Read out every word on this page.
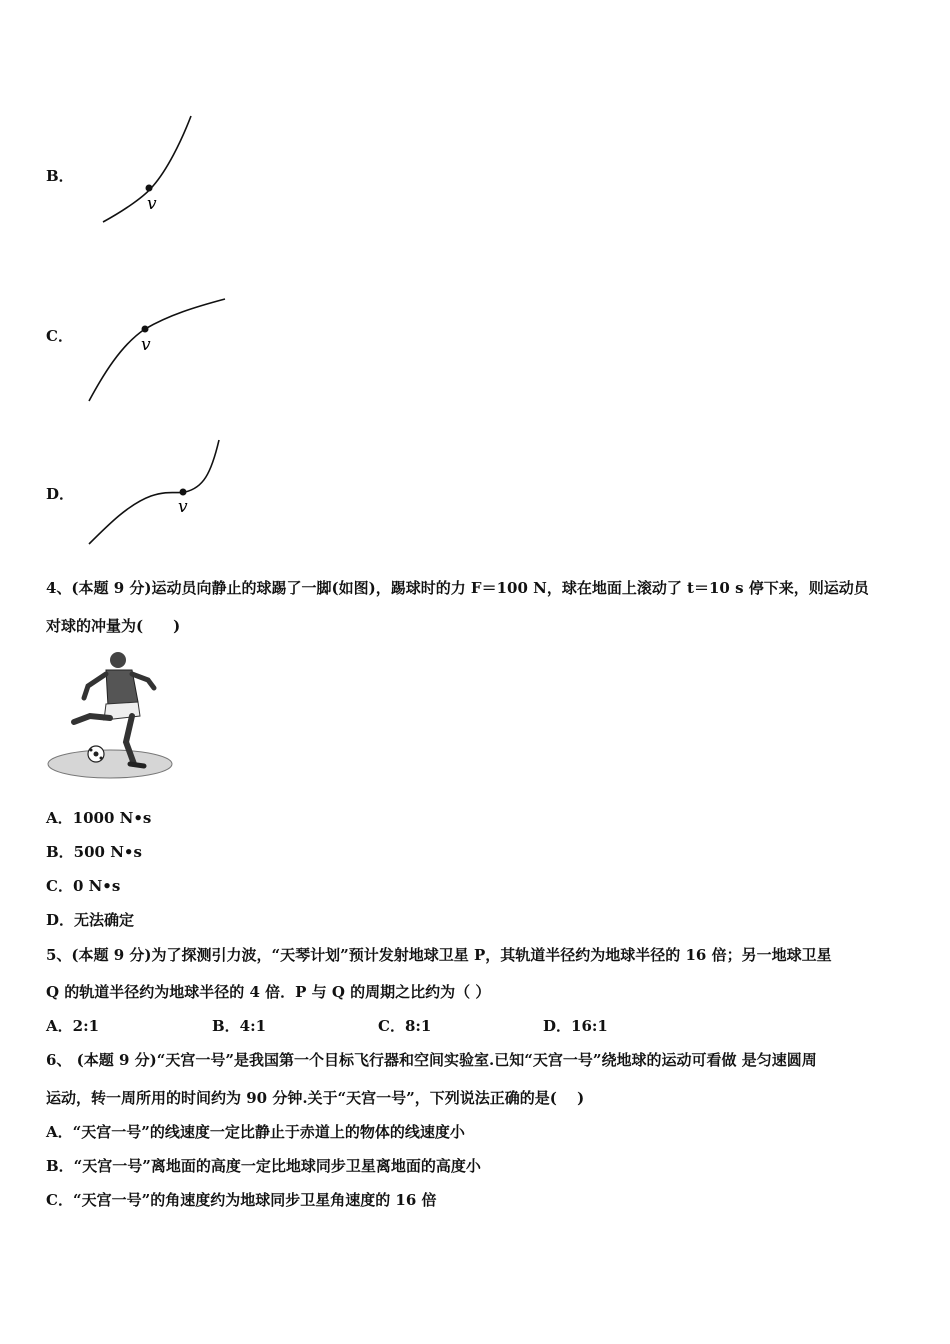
B．
v
C．	v
D．
v
4、(本题 9 分)运动员向静止的球踢了一脚(如图)，踢球时的力 F＝100 N，球在地面上滚动了 t＝10 s 停下来，则运动员
对球的冲量为(　　)
A．1000 N•s
B．500 N•s
C．0 N•s
D．无法确定
5、(本题 9 分)为了探测引力波，“天琴计划”预计发射地球卫星 P，其轨道半径约为地球半径的 16 倍；另一地球卫星
Q 的轨道半径约为地球半径的 4 倍．P 与 Q 的周期之比约为（ ）
A．2:1	B．4:1	C．8:1	D．16:1
6、 (本题 9 分)“天宫一号”是我国第一个目标飞行器和空间实验室.已知“天宫一号”绕地球的运动可看做 是匀速圆周
运动，转一周所用的时间约为 90 分钟.关于“天宫一号”，下列说法正确的是(　 )
A．“天宫一号”的线速度一定比静止于赤道上的物体的线速度小
B．“天宫一号”离地面的高度一定比地球同步卫星离地面的高度小
C．“天宫一号”的角速度约为地球同步卫星角速度的 16 倍
